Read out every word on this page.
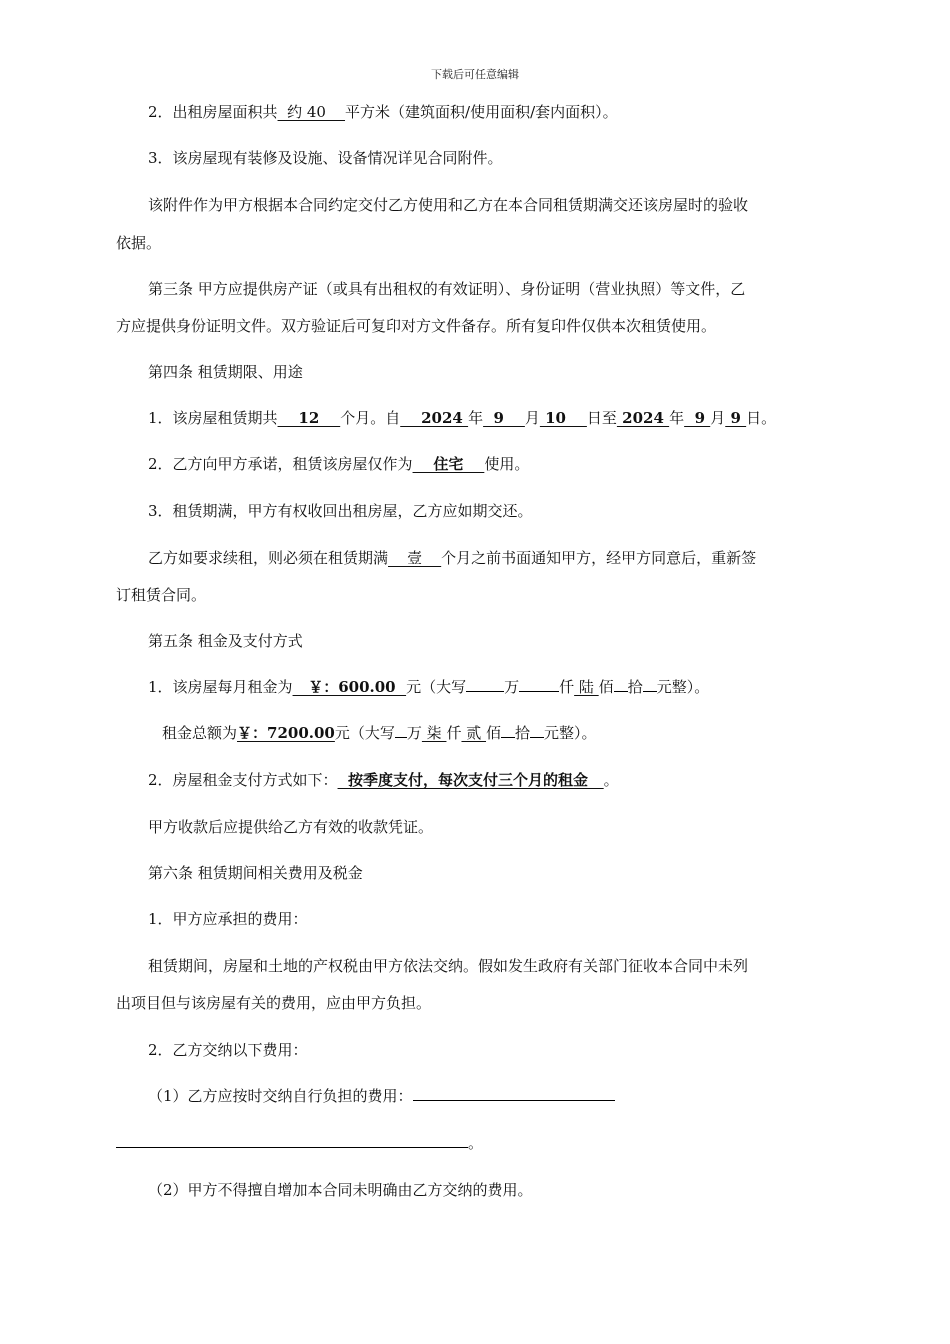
下载后可任意编辑
2．出租房屋面积共  约 40    平方米（建筑面积/使用面积/套内面积）。
3．该房屋现有装修及设施、设备情况详见合同附件。
该附件作为甲方根据本合同约定交付乙方使用和乙方在本合同租赁期满交还该房屋时的验收
依据。
第三条 甲方应提供房产证（或具有出租权的有效证明）、身份证明（营业执照）等文件，乙
方应提供身份证明文件。双方验证后可复印对方文件备存。所有复印件仅供本次租赁使用。
第四条 租赁期限、用途
1．该房屋租赁期共    12    个月。自    2024 年  9    月 10    日至 2024 年  9 月 9 日。
2．乙方向甲方承诺，租赁该房屋仅作为    住宅    使用。
3．租赁期满，甲方有权收回出租房屋，乙方应如期交还。
乙方如要求续租，则必须在租赁期满    壹    个月之前书面通知甲方，经甲方同意后，重新签
订租赁合同。
第五条 租金及支付方式
1．该房屋每月租金为   ￥：600.00  元（大写	万	仟 陆 佰 拾 元整）。
租金总额为￥：7200.00元（大写 万 柒 仟 贰 佰 拾 元整）。
2．房屋租金支付方式如下：  按季度支付，每次支付三个月的租金   。
甲方收款后应提供给乙方有效的收款凭证。
第六条 租赁期间相关费用及税金
1．甲方应承担的费用：
租赁期间，房屋和土地的产权税由甲方依法交纳。假如发生政府有关部门征收本合同中未列
出项目但与该房屋有关的费用，应由甲方负担。
2．乙方交纳以下费用：
（1）乙方应按时交纳自行负担的费用：
。
（2）甲方不得擅自增加本合同未明确由乙方交纳的费用。
